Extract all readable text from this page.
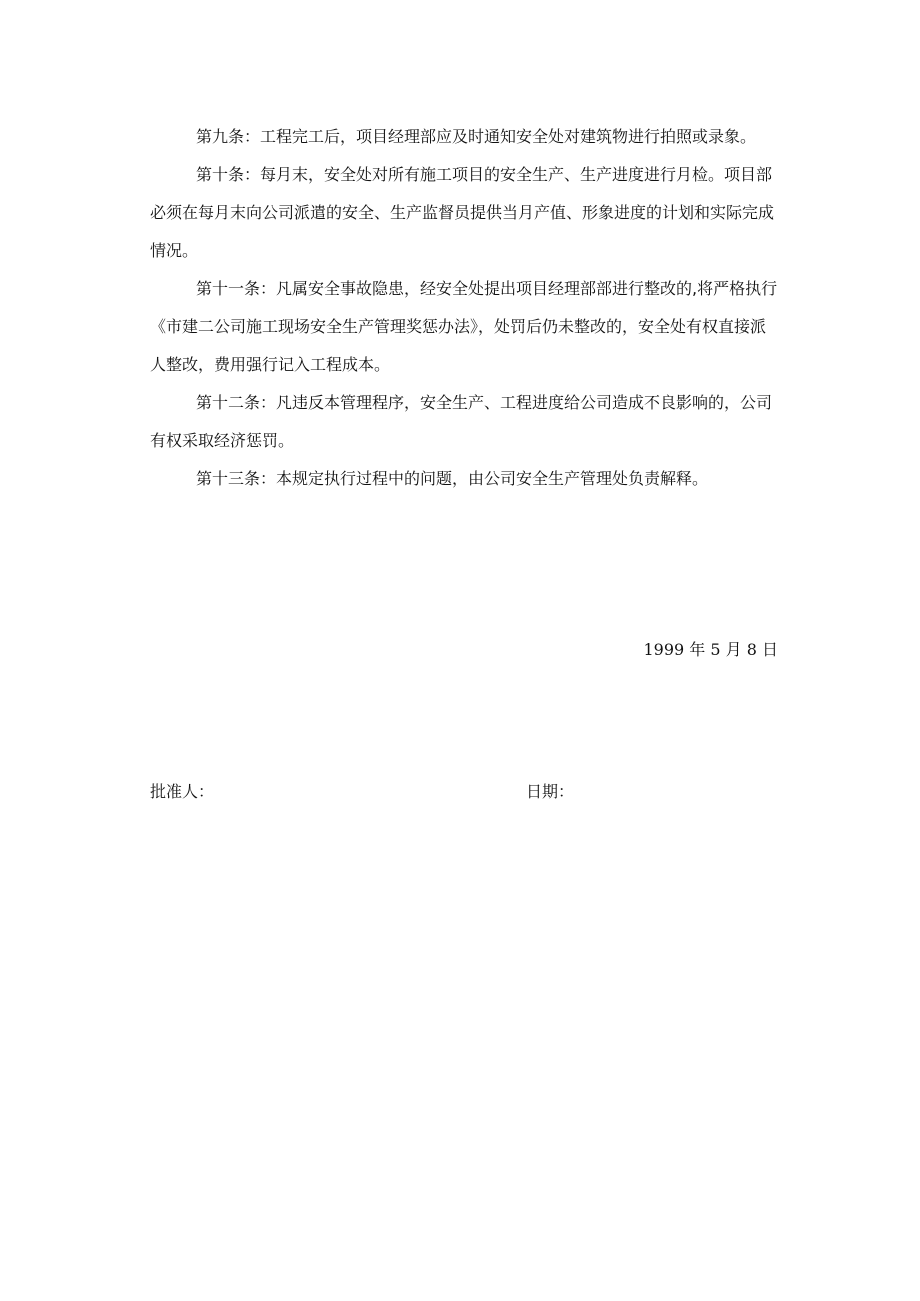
第九条：工程完工后，项目经理部应及时通知安全处对建筑物进行拍照或录象。

第十条：每月末，安全处对所有施工项目的安全生产、生产进度进行月检。项目部必须在每月末向公司派遣的安全、生产监督员提供当月产值、形象进度的计划和实际完成情况。

第十一条：凡属安全事故隐患，经安全处提出项目经理部部进行整改的,将严格执行《市建二公司施工现场安全生产管理奖惩办法》，处罚后仍未整改的，安全处有权直接派人整改，费用强行记入工程成本。

第十二条：凡违反本管理程序，安全生产、工程进度给公司造成不良影响的，公司有权采取经济惩罚。

第十三条：本规定执行过程中的问题，由公司安全生产管理处负责解释。

1999 年 5 月 8 日
批准人：	日期：
